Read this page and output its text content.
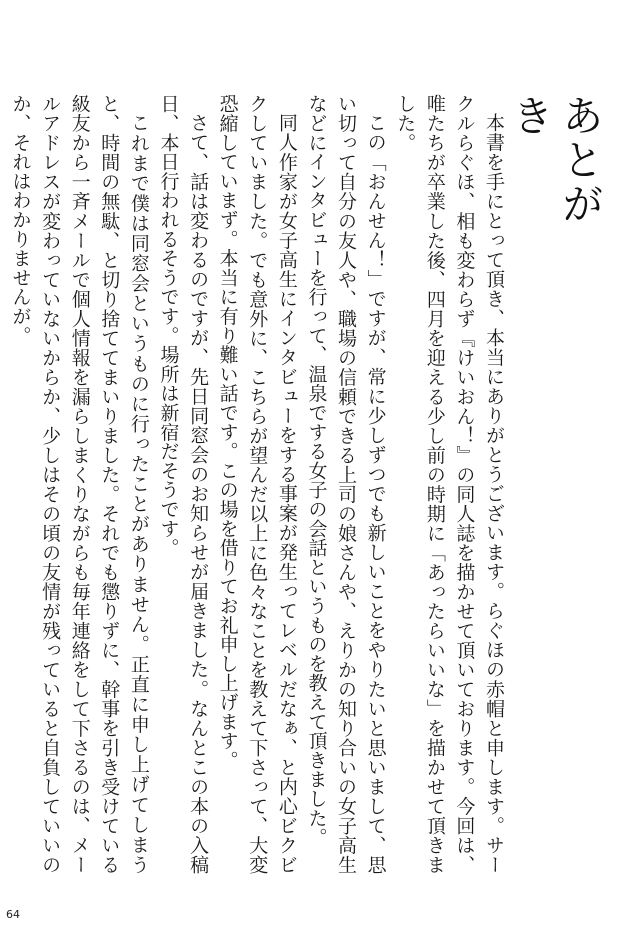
あとがき

本書を手にとって頂き、本当にありがとうございます。らぐほの赤帽と申します。サークルらぐほ、相も変わらず『けいおん！』の同人誌を描かせて頂いております。今回は、唯たちが卒業した後、四月を迎える少し前の時期に「あったらいいな」を描かせて頂きました。

この「おんせん！」ですが、常に少しずつでも新しいことをやりたいと思いまして、思い切って自分の友人や、職場の信頼できる上司の娘さんや、えりかの知り合いの女子高生などにインタビューを行って、温泉でする女子の会話というものを教えて頂きました。

同人作家が女子高生にインタビューをする事案が発生ってレベルだなぁ、と内心ビクビクしていました。でも意外に、こちらが望んだ以上に色々なことを教えて下さって、大変恐縮していまず。本当に有り難い話です。この場を借りてお礼申し上げます。

さて、話は変わるのですが、先日同窓会のお知らせが届きました。なんとこの本の入稿日、本日行われるそうです。場所は新宿だそうです。

これまで僕は同窓会というものに行ったことがありません。正直に申し上げてしまうと、時間の無駄、と切り捨ててまいりました。それでも懲りずに、幹事を引き受けている級友から一斉メールで個人情報を漏らしまくりながらも毎年連絡をして下さるのは、メールアドレスが変わっていないからか、少しはその頃の友情が残っていると自負していいのか、それはわかりませんが。

64
